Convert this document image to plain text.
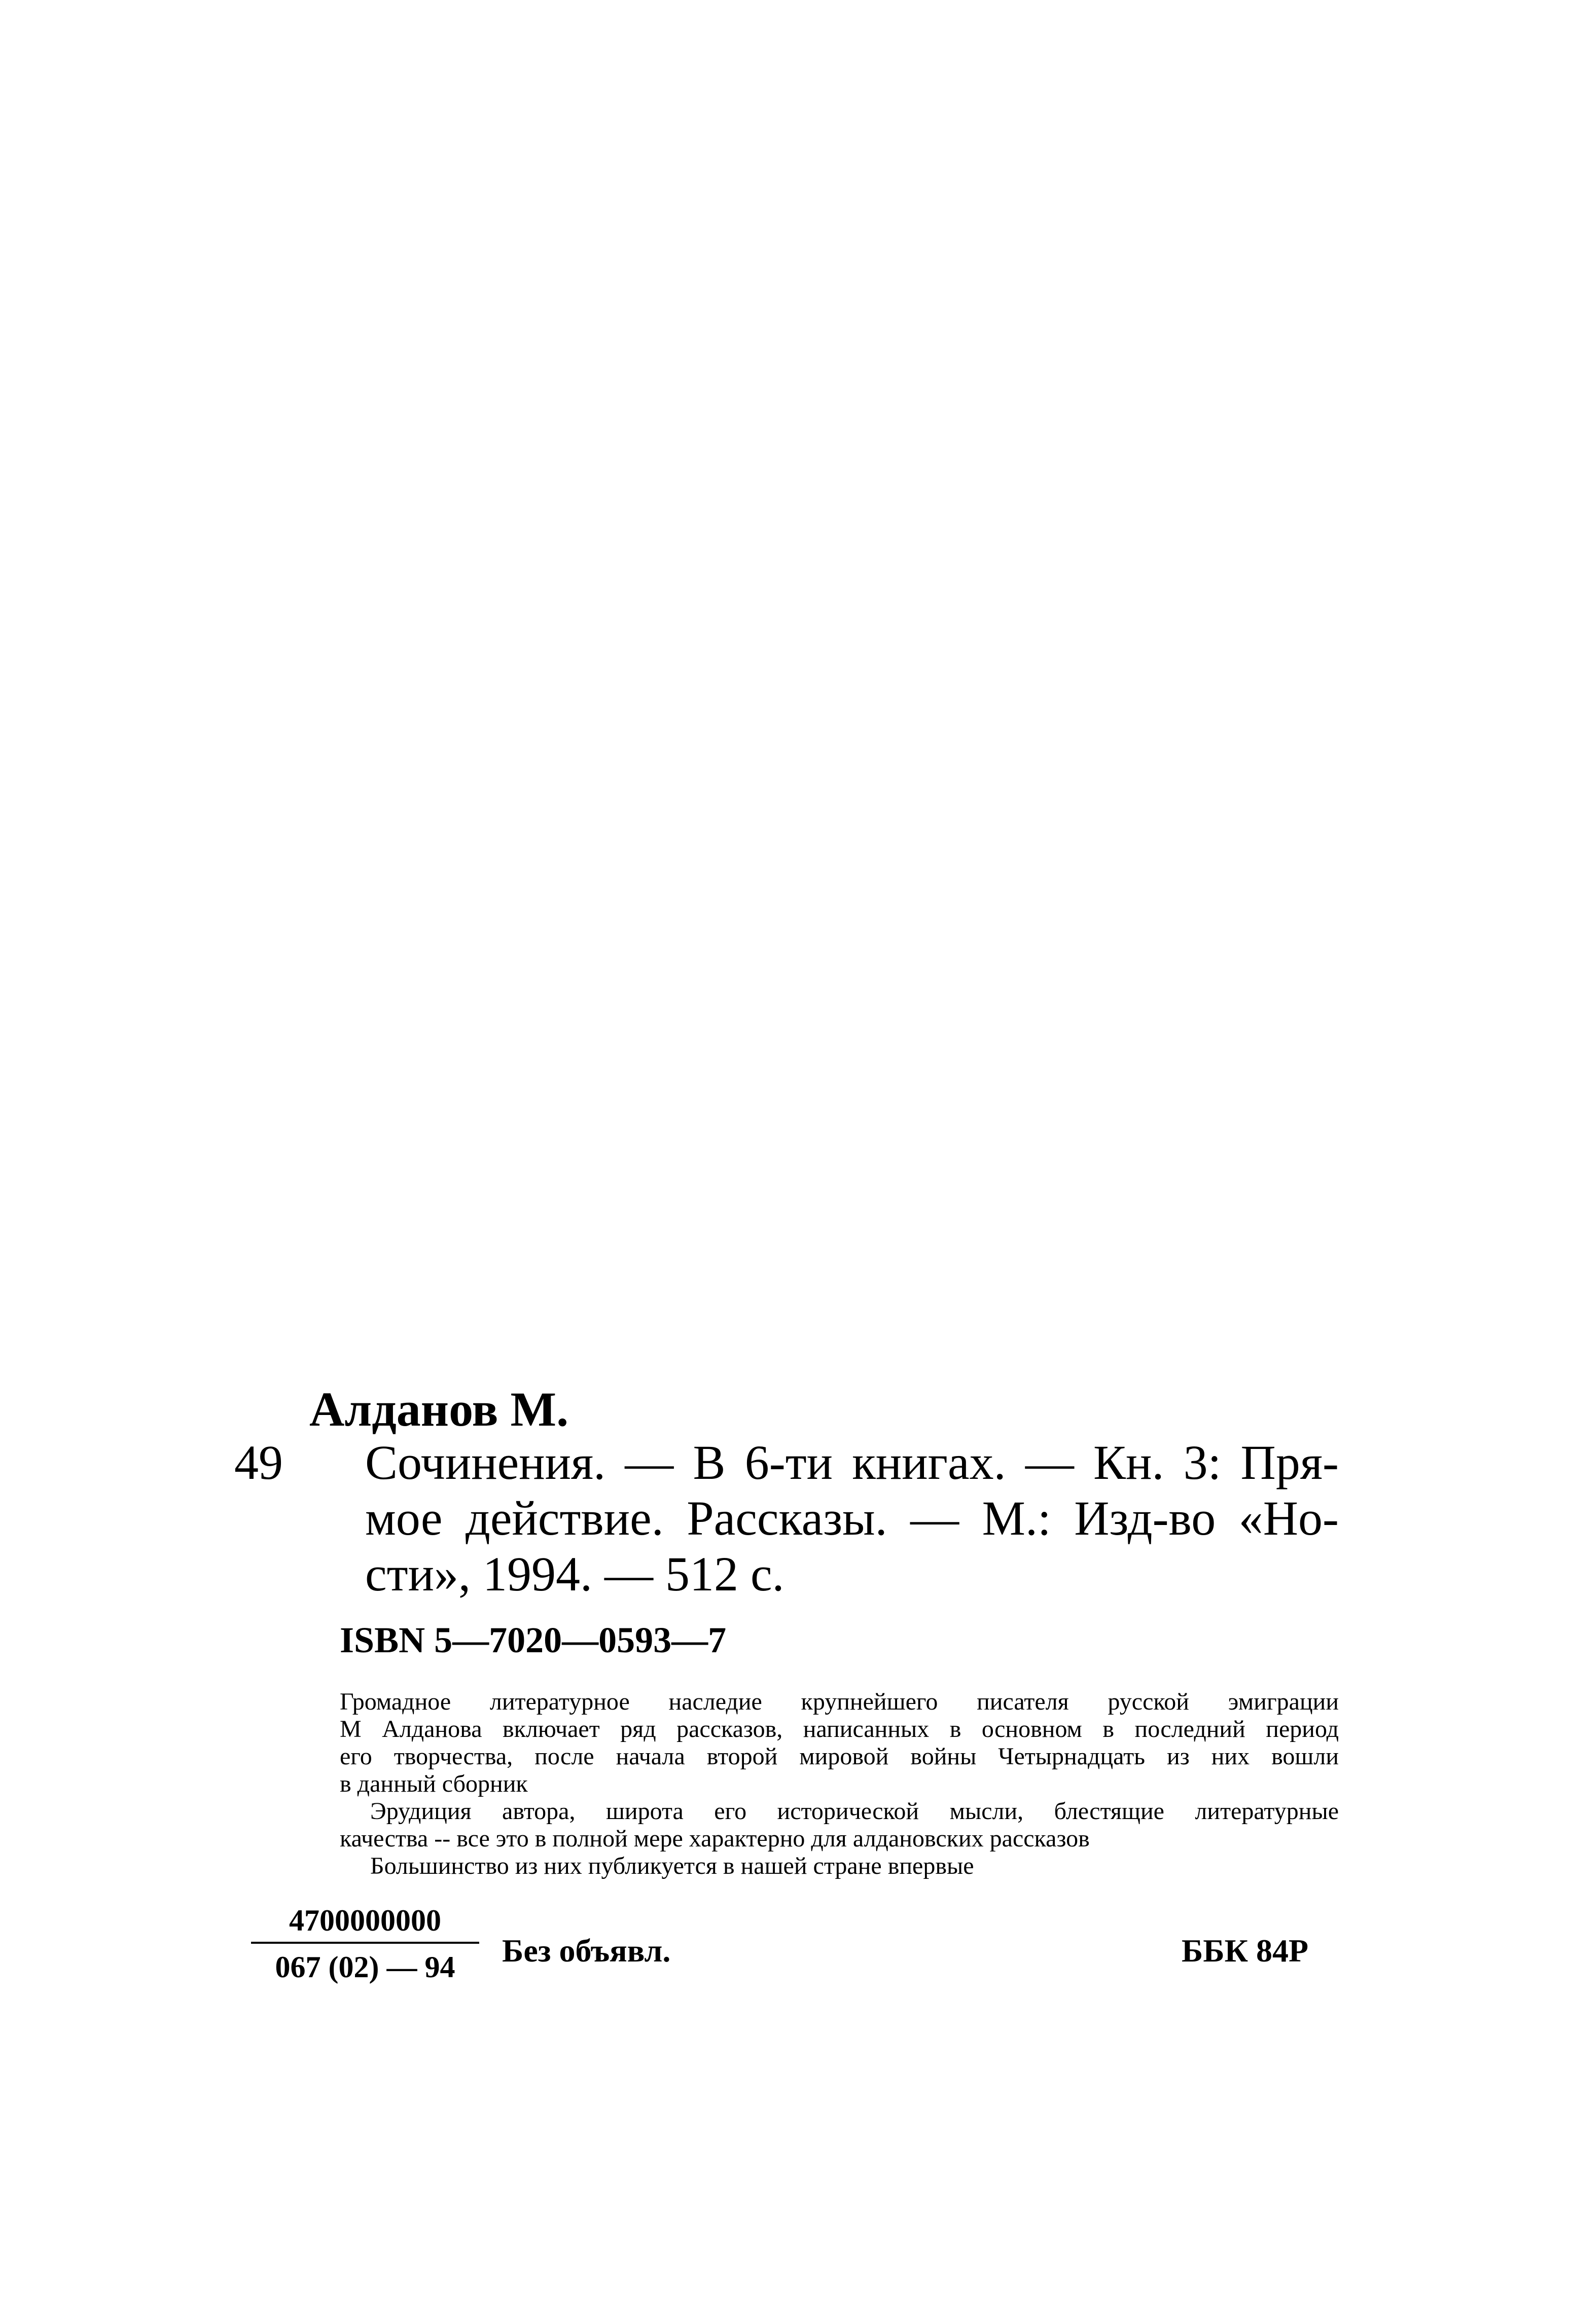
Алданов М.
49 Сочинения. — В 6-ти книгах. — Кн. 3: Пря-
мое действие. Рассказы. — М.: Изд-во «Но-
сти», 1994. — 512 с.
ISBN 5—7020—0593—7
Громадное литературное наследие крупнейшего писателя русской эмиграции
М Алданова включает ряд рассказов, написанных в основном в последний период
его творчества, после начала второй мировой войны Четырнадцать из них вошли
в данный сборник
Эрудиция автора, широта его исторической мысли, блестящие литературные
качества -- все это в полной мере характерно для алдановских рассказов
Большинство из них публикуется в нашей стране впервые
$\frac{4700000000}{067 (02) — 94}$ Без объявл.	ББК 84Р
